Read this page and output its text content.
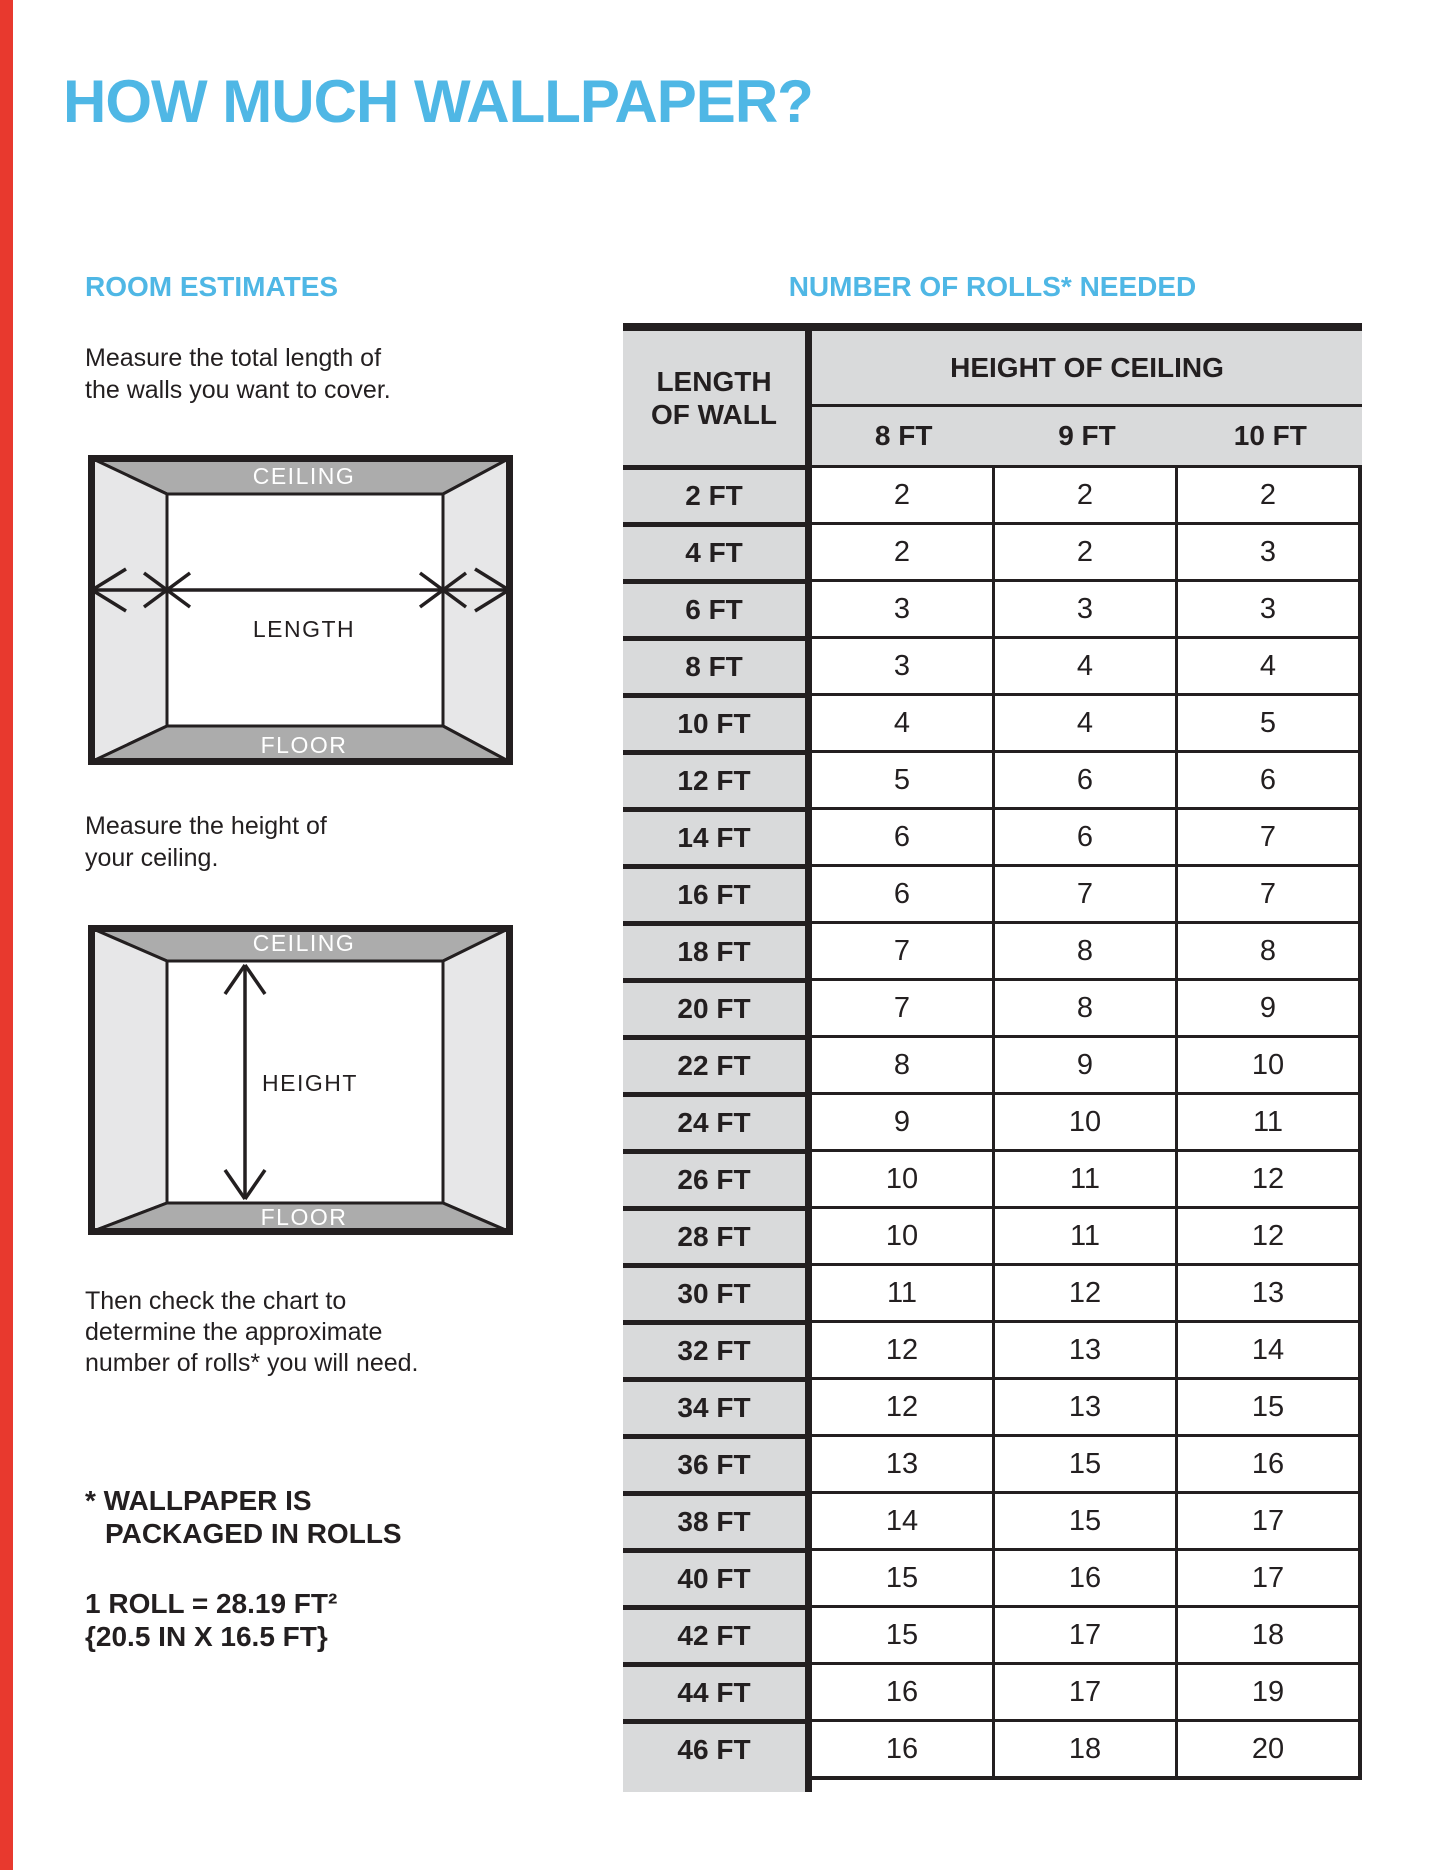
HOW MUCH WALLPAPER?
ROOM ESTIMATES
Measure the total length of
the walls you want to cover.
CEILING
FLOOR
LENGTH
Measure the height of
your ceiling.
CEILING
FLOOR
HEIGHT
Then check the chart to
determine the approximate
number of rolls* you will need.
* WALLPAPER IS
PACKAGED IN ROLLS
1 ROLL = 28.19 FT²
{20.5 IN X 16.5 FT}
NUMBER OF ROLLS* NEEDED
LENGTH
OF WALL
HEIGHT OF CEILING
8 FT	9 FT	10 FT
2 FT	2	2	2
4 FT	2	2	3
6 FT	3	3	3
8 FT	3	4	4
10 FT	4	4	5
12 FT	5	6	6
14 FT	6	6	7
16 FT	6	7	7
18 FT	7	8	8
20 FT	7	8	9
22 FT	8	9	10
24 FT	9	10	11
26 FT	10	11	12
28 FT	10	11	12
30 FT	11	12	13
32 FT	12	13	14
34 FT	12	13	15
36 FT	13	15	16
38 FT	14	15	17
40 FT	15	16	17
42 FT	15	17	18
44 FT	16	17	19
46 FT	16	18	20
